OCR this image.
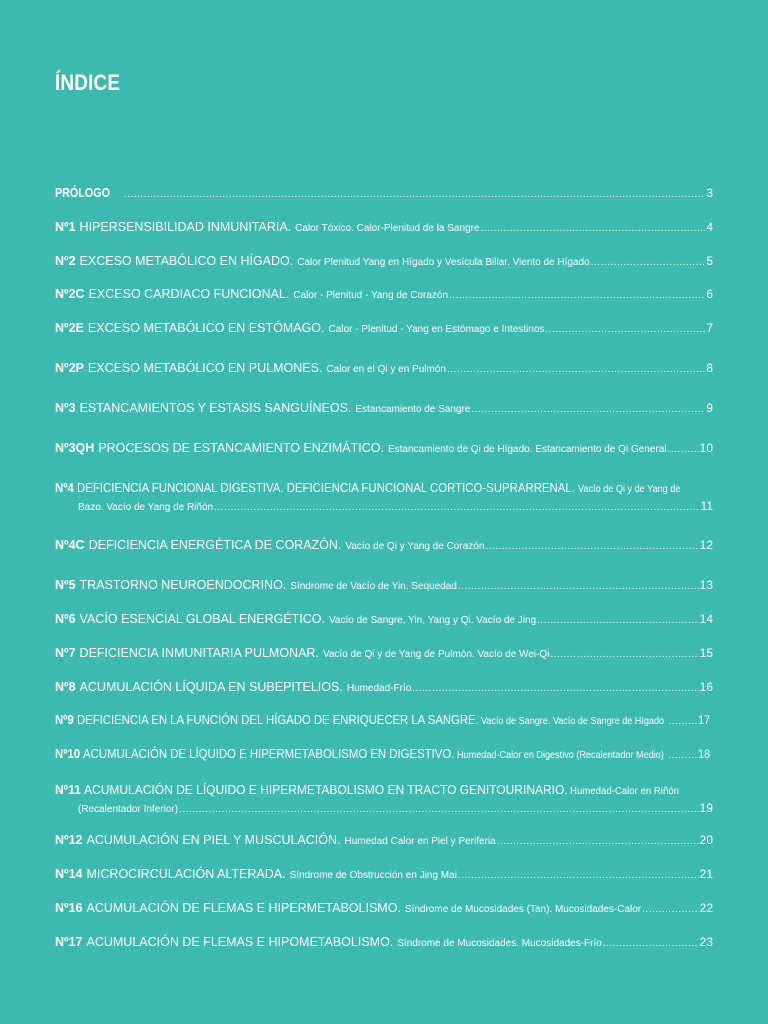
ÍNDICE
PRÓLOGO .....	3
Nº1 HIPERSENSIBILIDAD INMUNITARIA. Calor Tóxico. Calor-Plenitud de la Sangre .....	4
Nº2 EXCESO METABÓLICO EN HÍGADO. Calor Plenitud Yang en Hígado y Vesícula Biliar. Viento de Hígado .....	5
Nº2C EXCESO CARDIACO FUNCIONAL. Calor - Plenitud - Yang de Corazón .....	6
Nº2E EXCESO METABÓLICO EN ESTÓMAGO. Calor - Plenitud - Yang en Estómago e Intestinos .....	7
Nº2P EXCESO METABÓLICO EN PULMONES. Calor en el Qi y en Pulmón .....	8
Nº3 ESTANCAMIENTOS Y ESTASIS SANGUÍNEOS. Estancamiento de Sangre .....	9
Nº3QH PROCESOS DE ESTANCAMIENTO ENZIMÁTICO. Estancamiento de Qi de Hígado. Estancamiento de Qi General .....	10
Nº4 DEFICIENCIA FUNCIONAL DIGESTIVA. DEFICIENCIA FUNCIONAL CORTICO-SUPRARRENAL. Vacío de Qi y de Yang de
Bazo. Vacío de Yang de Riñón .....	11
Nº4C DEFICIENCIA ENERGÉTICA DE CORAZÓN. Vacío de Qi y Yang de Corazón .....	12
Nº5 TRASTORNO NEUROENDOCRINO. Síndrome de Vacío de Yin. Sequedad .....	13
Nº6 VACÍO ESENCIAL GLOBAL ENERGÉTICO. Vacío de Sangre, Yin, Yang y Qi. Vacío de Jing .....	14
Nº7 DEFICIENCIA INMUNITARIA PULMONAR. Vacío de Qi y de Yang de Pulmón. Vacío de Wei-Qi .....	15
Nº8 ACUMULACIÓN LÍQUIDA EN SUBEPITELIOS. Humedad-Frío .....	16
Nº9 DEFICIENCIA EN LA FUNCIÓN DEL HÍGADO DE ENRIQUECER LA SANGRE. Vacío de Sangre. Vacío de Sangre de Hígado .....	17
Nº10 ACUMULACIÓN DE LÍQUIDO E HIPERMETABOLISMO EN DIGESTIVO. Humedad-Calor en Digestivo (Recalentador Medio) .....	18
Nº11 ACUMULACIÓN DE LÍQUIDO E HIPERMETABOLISMO EN TRACTO GENITOURINARIO. Humedad-Calor en Riñón
(Recalentador Inferior) .....	19
Nº12 ACUMULACIÓN EN PIEL Y MUSCULACIÓN. Humedad Calor en Piel y Periferia .....	20
Nº14 MICROCIRCULACIÓN ALTERADA. Síndrome de Obstrucción en Jing Mai .....	21
Nº16 ACUMULACIÓN DE FLEMAS E HIPERMETABOLISMO. Síndrome de Mucosidades (Tan). Mucosidades-Calor .....	22
Nº17 ACUMULACIÓN DE FLEMAS E HIPOMETABOLISMO. Síndrome de Mucosidades. Mucosidades-Frío .....	23
